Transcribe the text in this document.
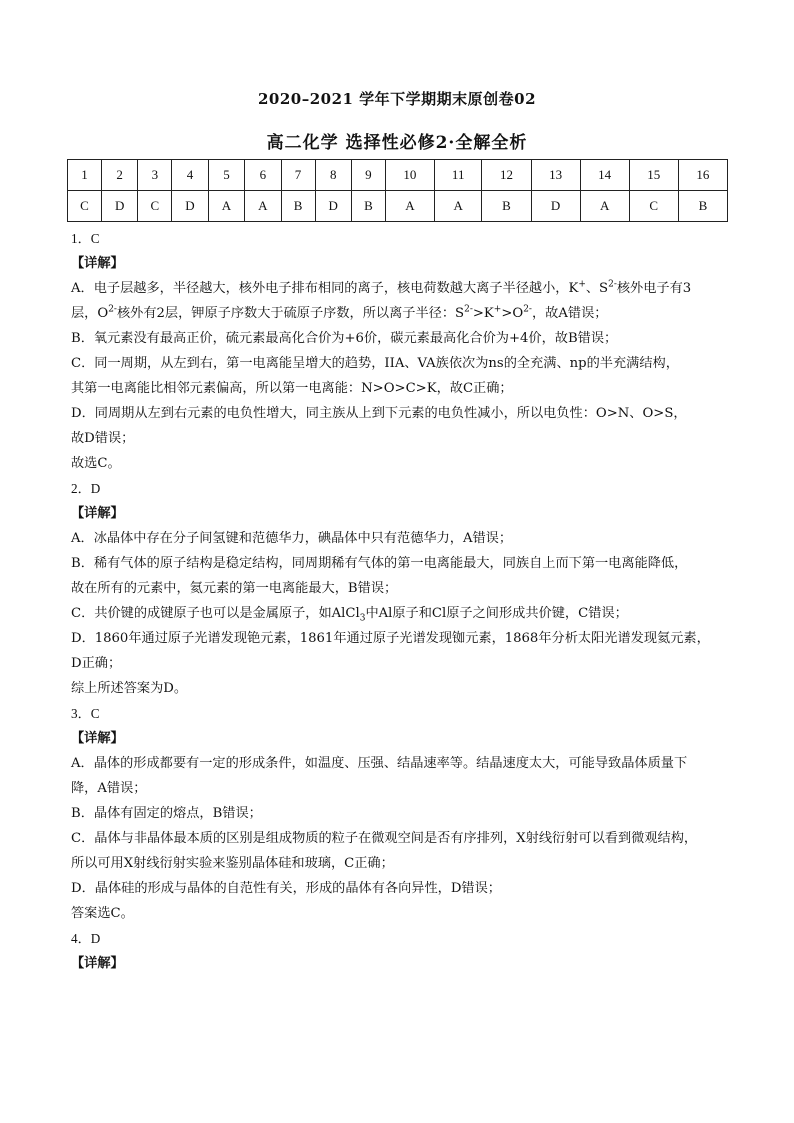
2020–2021 学年下学期期末原创卷02
高二化学 选择性必修2·全解全析
1	2	3	4	5	6	7	8	9	10	11	12	13	14	15	16
C	D	C	D	A	A	B	D	B	A	A	B	D	A	C	B
1．C
【详解】
A．电子层越多，半径越大，核外电子排布相同的离子，核电荷数越大离子半径越小，K+、$S^{2-}$核外电子有3
层，$O^{2-}$核外有2层，钾原子序数大于硫原子序数，所以离子半径：$S^{2-}>K^+>O^{2-}$，故A错误；
B．氧元素没有最高正价，硫元素最高化合价为+6价，碳元素最高化合价为+4价，故B错误；
C．同一周期，从左到右，第一电离能呈增大的趋势，IIA、VA族依次为ns的全充满、np的半充满结构，
其第一电离能比相邻元素偏高，所以第一电离能：N>O>C>K，故C正确；
D．同周期从左到右元素的电负性增大，同主族从上到下元素的电负性减小，所以电负性：O>N、O>S，
故D错误；
故选C。
2．D
【详解】
A．冰晶体中存在分子间氢键和范德华力，碘晶体中只有范德华力，A错误；
B．稀有气体的原子结构是稳定结构，同周期稀有气体的第一电离能最大，同族自上而下第一电离能降低，
故在所有的元素中，氦元素的第一电离能最大，B错误；
C．共价键的成键原子也可以是金属原子，如AlCl$_3$中Al原子和Cl原子之间形成共价键，C错误；
D．1860年通过原子光谱发现铯元素，1861年通过原子光谱发现铷元素，1868年分析太阳光谱发现氦元素，
D正确；
综上所述答案为D。
3．C
【详解】
A．晶体的形成都要有一定的形成条件，如温度、压强、结晶速率等。结晶速度太大，可能导致晶体质量下
降，A错误；
B．晶体有固定的熔点，B错误；
C．晶体与非晶体最本质的区别是组成物质的粒子在微观空间是否有序排列，X射线衍射可以看到微观结构，
所以可用X射线衍射实验来鉴别晶体硅和玻璃，C正确；
D．晶体硅的形成与晶体的自范性有关，形成的晶体有各向异性，D错误；
答案选C。
4．D
【详解】
